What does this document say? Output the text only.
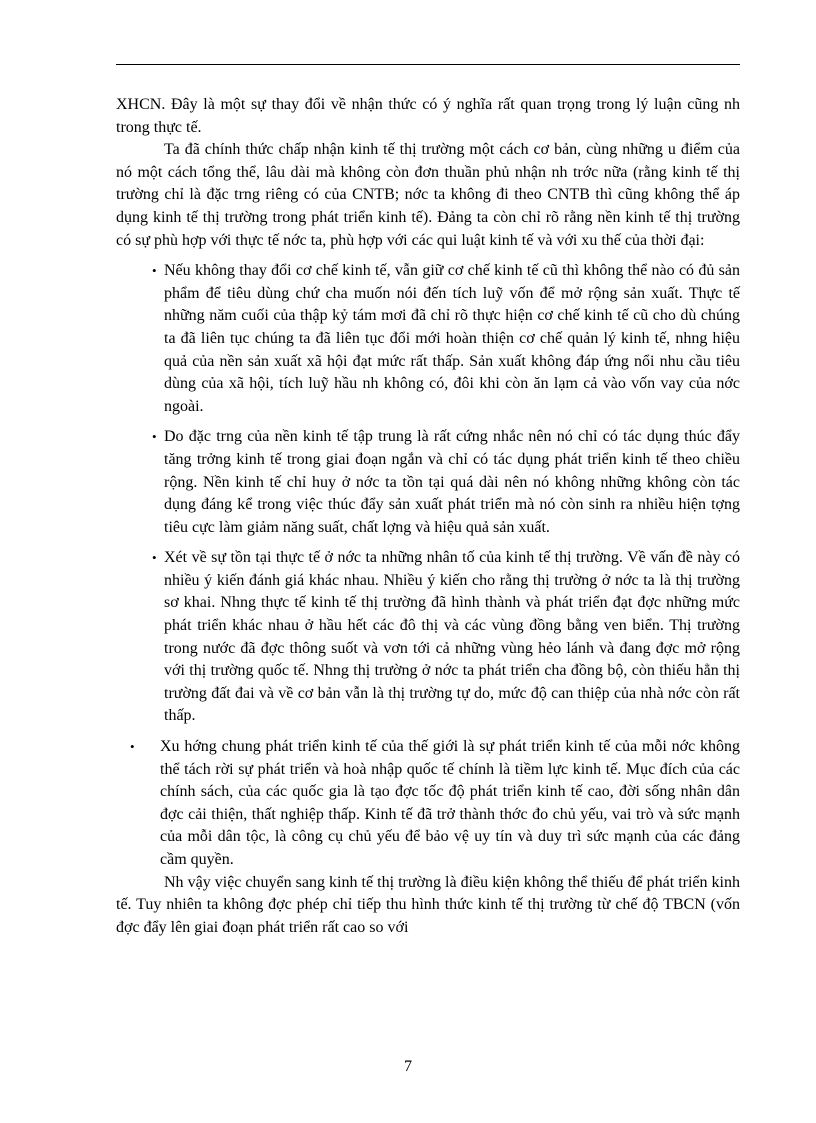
XHCN. Đây là một sự thay đổi về nhận thức có ý nghĩa rất quan trọng trong lý luận cũng nh trong thực tế.

Ta đã chính thức chấp nhận kinh tế thị trường một cách cơ bản, cùng những u điểm của nó một cách tổng thể, lâu dài mà không còn đơn thuần phủ nhận nh trớc nữa (rằng kinh tế thị trường chỉ là đặc trng riêng có của CNTB; nớc ta không đi theo CNTB thì cũng không thể áp dụng kinh tế thị trường trong phát triển kinh tế). Đảng ta còn chỉ rõ rằng nền kinh tế thị trường có sự phù hợp với thực tế nớc ta, phù hợp với các qui luật kinh tế và với xu thế của thời đại:

• Nếu không thay đổi cơ chế kinh tế, vẫn giữ cơ chế kinh tế cũ thì không thể nào có đủ sản phẩm để tiêu dùng chứ cha muốn nói đến tích luỹ vốn để mở rộng sản xuất. Thực tế những năm cuối của thập kỷ tám mơi đã chỉ rõ thực hiện cơ chế kinh tế cũ cho dù chúng ta đã liên tục chúng ta đã liên tục đổi mới hoàn thiện cơ chế quản lý kinh tế, nhng hiệu quả của nền sản xuất xã hội đạt mức rất thấp. Sản xuất không đáp ứng nổi nhu cầu tiêu dùng của xã hội, tích luỹ hầu nh không có, đôi khi còn ăn lạm cả vào vốn vay của nớc ngoài.
• Do đặc trng của nền kinh tế tập trung là rất cứng nhắc nên nó chỉ có tác dụng thúc đẩy tăng trởng kinh tế trong giai đoạn ngắn và chỉ có tác dụng phát triển kinh tế theo chiều rộng. Nền kinh tế chỉ huy ở nớc ta tồn tại quá dài nên nó không những không còn tác dụng đáng kể trong việc thúc đẩy sản xuất phát triển mà nó còn sinh ra nhiều hiện tợng tiêu cực làm giảm năng suất, chất lợng và hiệu quả sản xuất.
• Xét về sự tồn tại thực tế ở nớc ta những nhân tố của kinh tế thị trường. Về vấn đề này có nhiều ý kiến đánh giá khác nhau. Nhiều ý kiến cho rằng thị trường ở nớc ta là thị trường sơ khai. Nhng thực tế kinh tế thị trường đã hình thành và phát triển đạt đợc những mức phát triển khác nhau ở hầu hết các đô thị và các vùng đồng bằng ven biển. Thị trường trong nước đã đợc thông suốt và vơn tới cả những vùng hẻo lánh và đang đợc mở rộng với thị trường quốc tế. Nhng thị trường ở nớc ta phát triển cha đồng bộ, còn thiếu hẳn thị trường đất đai và về cơ bản vẫn là thị trường tự do, mức độ can thiệp của nhà nớc còn rất thấp.
• Xu hớng chung phát triển kinh tế của thế giới là sự phát triển kinh tế của mỗi nớc không thể tách rời sự phát triển và hoà nhập quốc tế chính là tiềm lực kinh tế. Mục đích của các chính sách, của các quốc gia là tạo đợc tốc độ phát triển kinh tế cao, đời sống nhân dân đợc cải thiện, thất nghiệp thấp. Kinh tế đã trở thành thớc đo chủ yếu, vai trò và sức mạnh của mỗi dân tộc, là công cụ chủ yếu để bảo vệ uy tín và duy trì sức mạnh của các đảng cầm quyền.

Nh vậy việc chuyển sang kinh tế thị trường là điều kiện không thể thiếu để phát triển kinh tế. Tuy nhiên ta không đợc phép chỉ tiếp thu hình thức kinh tế thị trường từ chế độ TBCN (vốn đợc đẩy lên giai đoạn phát triển rất cao so với

7
